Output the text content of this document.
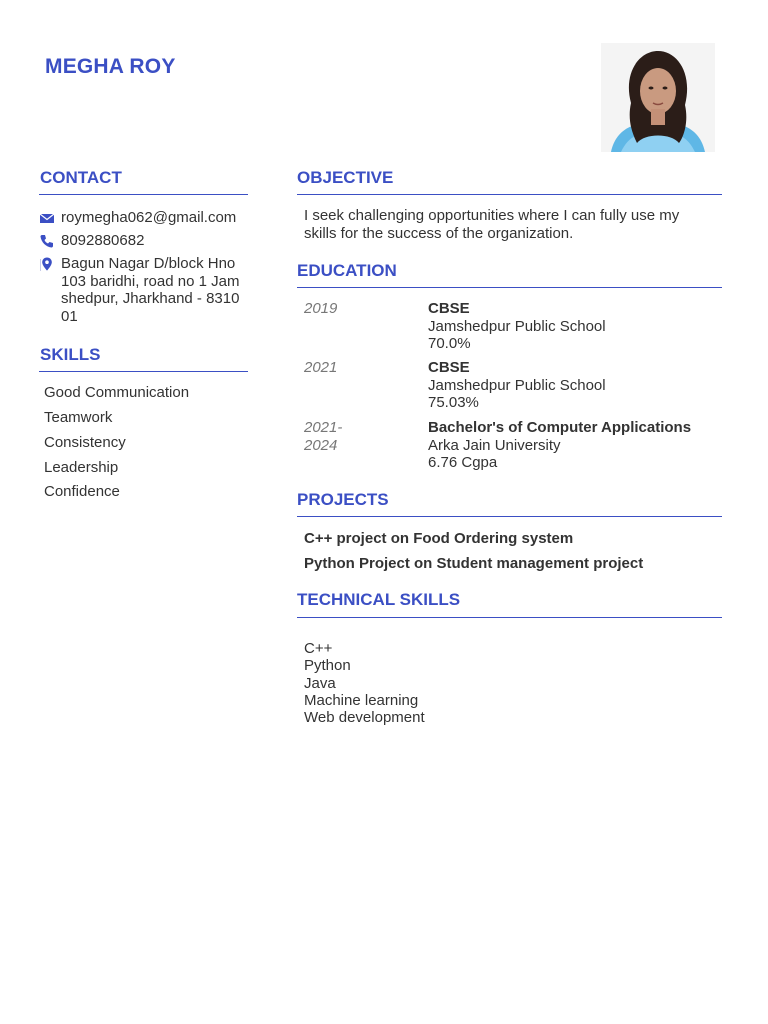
MEGHA ROY
CONTACT
roymegha062@gmail.com
8092880682
Bagun Nagar D/block Hno
103 baridhi, road no 1 Jam
shedpur, Jharkhand - 8310
01
SKILLS
Good Communication
Teamwork
Consistency
Leadership
Confidence
OBJECTIVE
I seek challenging opportunities where I can fully use my skills for the success of the organization.
EDUCATION
2019	CBSE
Jamshedpur Public School
70.0%
2021	CBSE
Jamshedpur Public School
75.03%
2021-
2024
Bachelor's of Computer Applications
Arka Jain University
6.76 Cgpa
PROJECTS
C++ project on Food Ordering system
Python Project on Student management project
TECHNICAL SKILLS
C++
Python
Java
Machine learning
Web development
